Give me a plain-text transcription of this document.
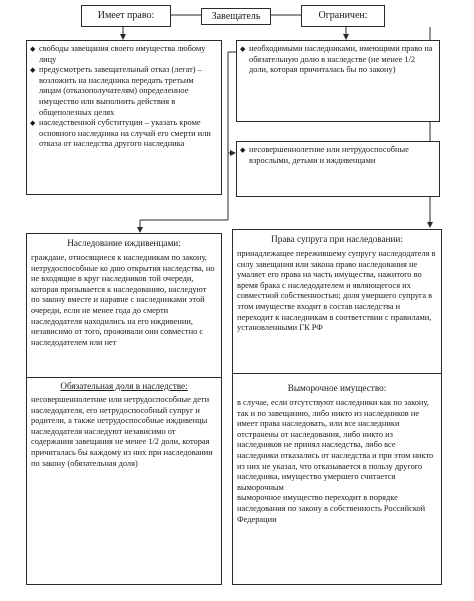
Имеет право:	Завещатель	Ограничен:
◆ свободы завещания своего имущества любому лицу
◆ предусмотреть завещательный отказ (легат) – возложить на наследника передать третьим лицам (отказополучателям) определенное имущество или выполнить действия в общеполезных целях
◆ наследственной субституции – указать кроме основного наследника на случай его смерти или отказа от наследства другого наследника
◆ необходимыми наследниками, имеющими право на обязательную долю в наследстве (не менее 1/2 доли, которая причиталась бы по закону)
◆ несовершеннолетние или нетрудоспособные взрослыми, детьми и иждивенцами
Наследование иждивенцами:
граждане, относящиеся к наследникам по закону, нетрудоспособные ко дню открытия наследства, но не входящие в круг наследников той очереди, которая призывается к наследованию, наследуют по закону вместе и наравне с наследниками этой очереди, если не менее года до смерти наследодателя находились на его иждивении, независимо от того, проживали они совместно с наследодателем или нет
Обязательная доля в наследстве:
несовершеннолетние или нетрудоспособные дети наследодателя, его нетрудоспособный супруг и родители, а также нетрудоспособные иждивенцы наследодателя наследуют независимо от содержания завещания не менее 1/2 доли, которая причиталась бы каждому из них при наследовании по закону (обязательная доля)
Права супруга при наследовании:
принадлежащее пережившему супругу наследодателя в силу завещания или закона право наследования не умаляет его права на часть имущества, нажитого во время брака с наследодателем и являющегося их совместной собственностью; доля умершего супруга в этом имуществе входит в состав наследства и переходит к наследникам в соответствии с правилами, установленными ГК РФ
Выморочное имущество:
в случае, если отсутствуют наследники как по закону, так и по завещанию, либо никто из наследников не имеет права наследовать, или все наследники отстранены от наследования, либо никто из наследников не принял наследства, либо все наследники отказались от наследства и при этом никто из них не указал, что отказывается в пользу другого наследника, имущество умершего считается выморочным
выморочное имущество переходит в порядке наследования по закону в собственность Российской Федерации
